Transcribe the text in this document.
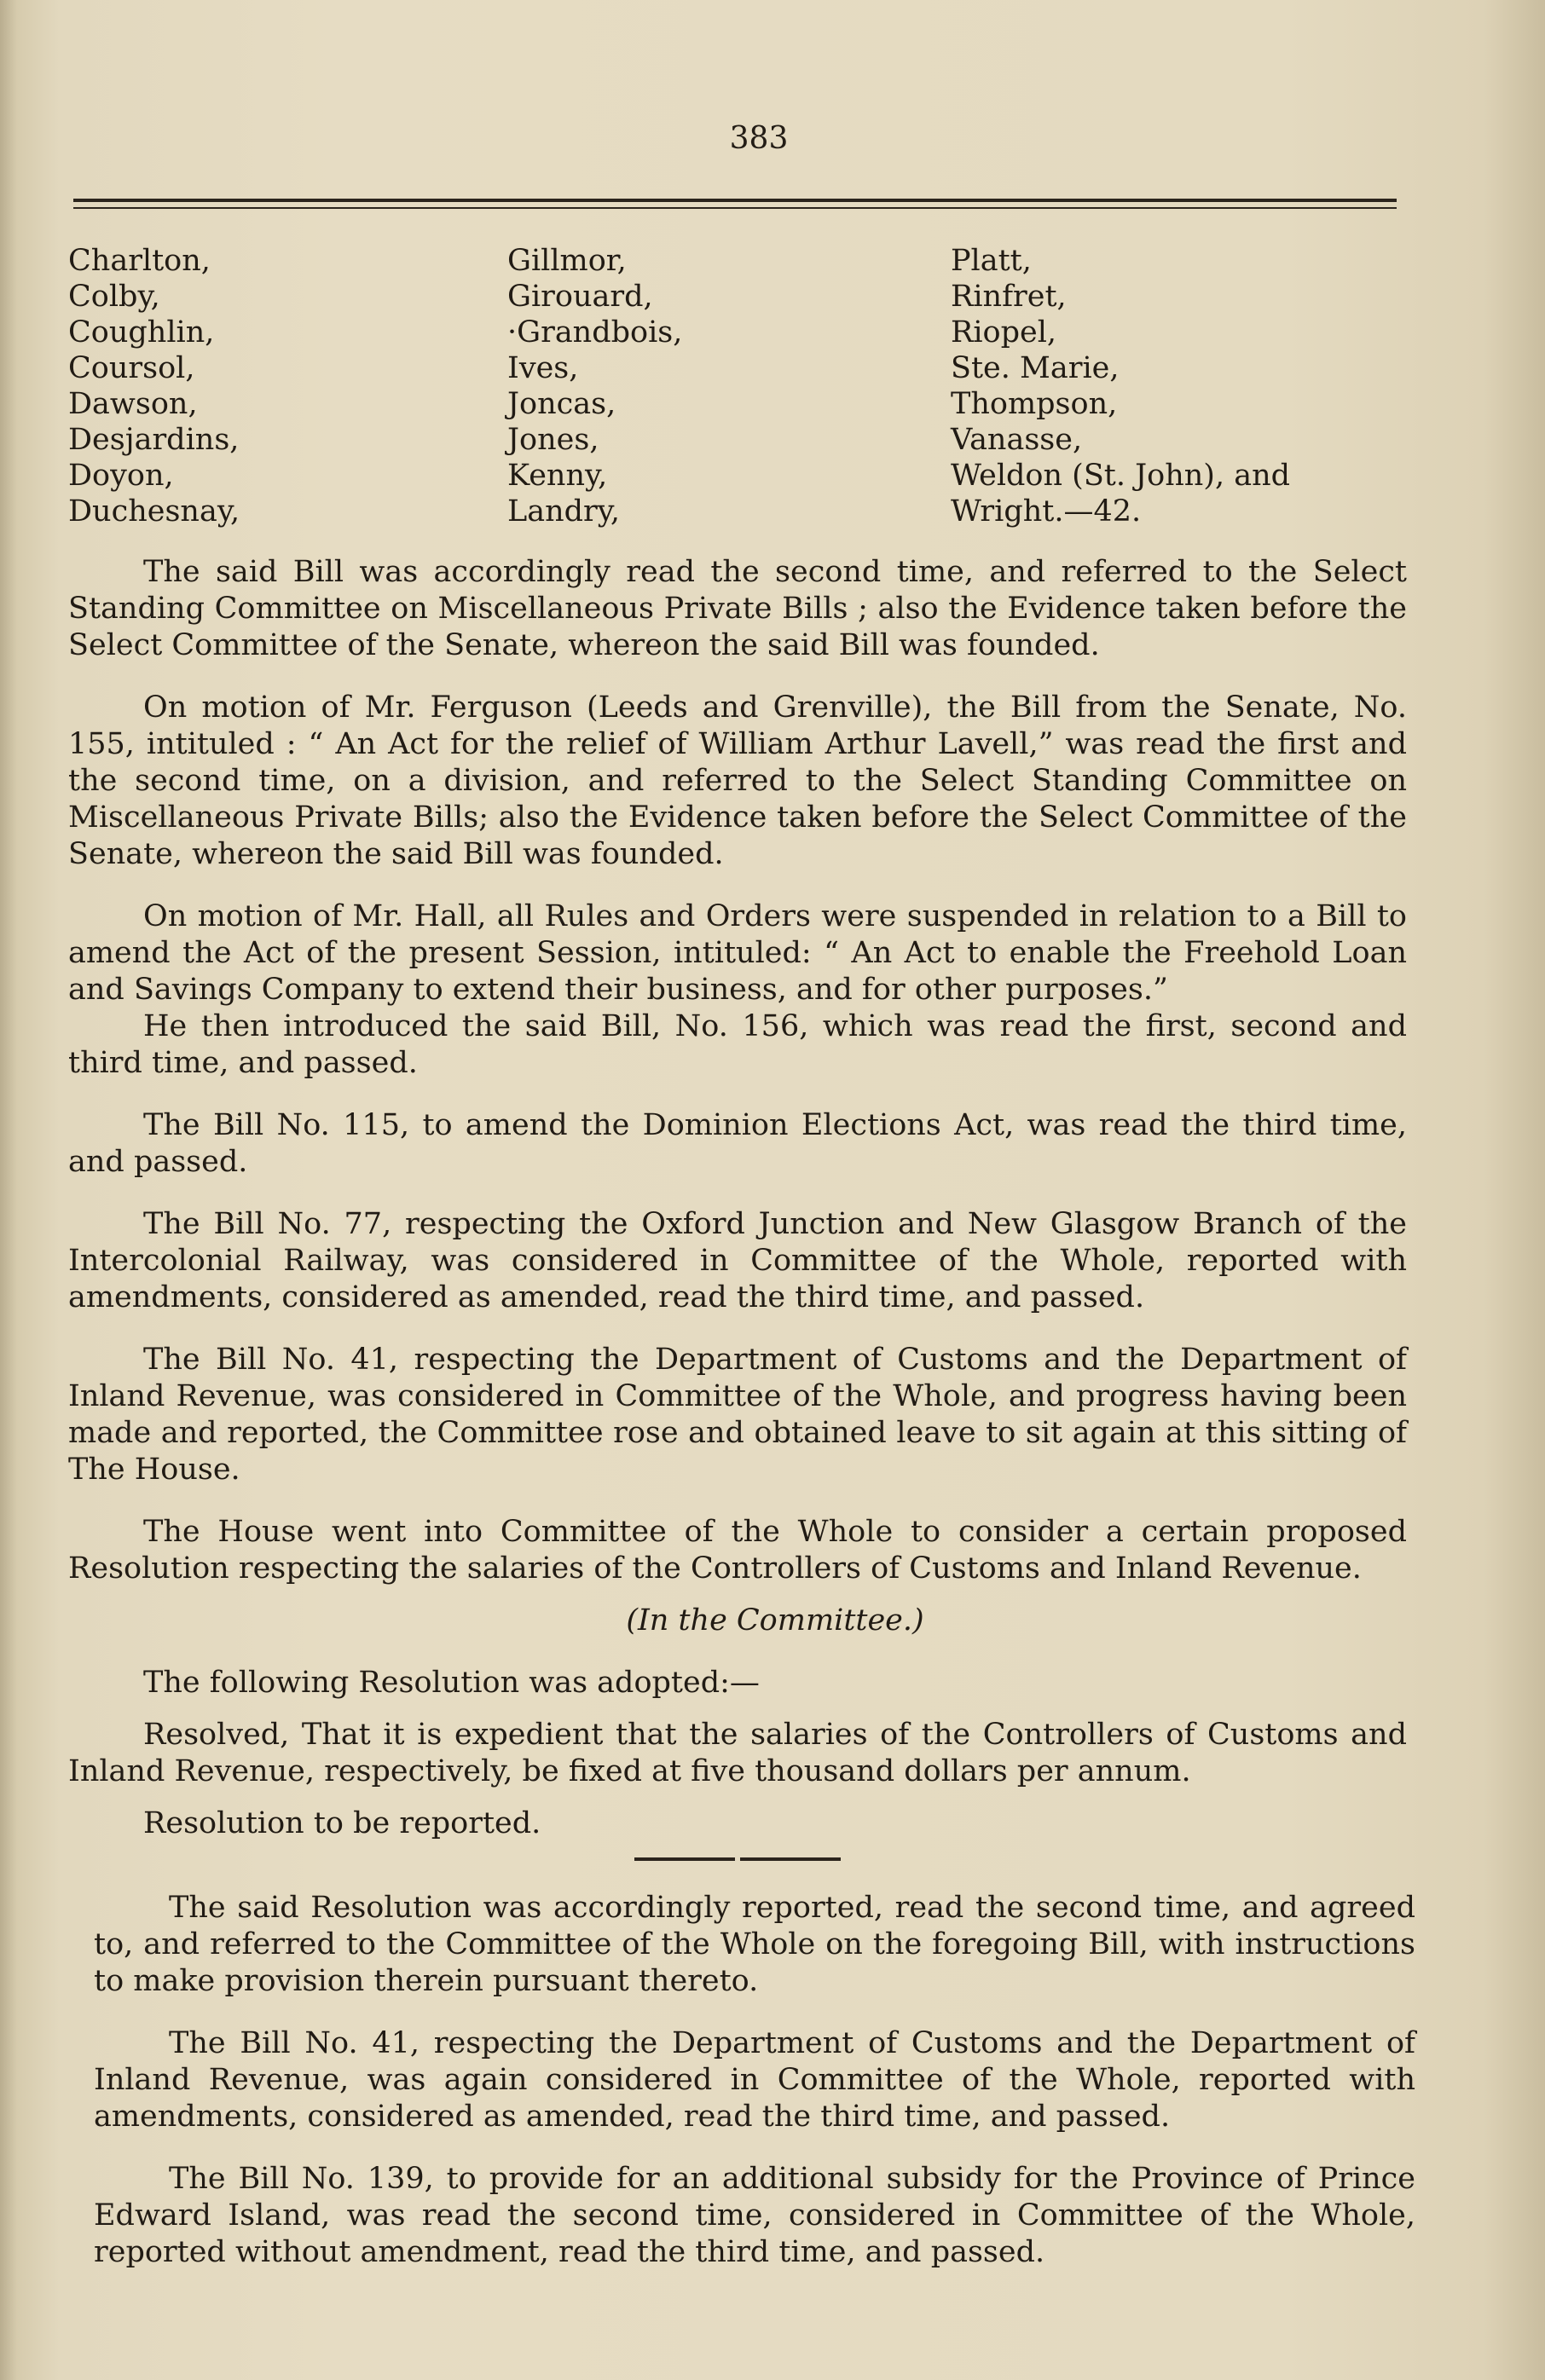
383
Charlton,
Colby,
Coughlin,
Coursol,
Dawson,
Desjardins,
Doyon,
Duchesnay,
Gillmor,
Girouard,
·Grandbois,
Ives,
Joncas,
Jones,
Kenny,
Landry,
Platt,
Rinfret,
Riopel,
Ste. Marie,
Thompson,
Vanasse,
Weldon (St. John), and
Wright.—42.

The said Bill was accordingly read the second time, and referred to the Select Standing Committee on Miscellaneous Private Bills ; also the Evidence taken before the Select Committee of the Senate, whereon the said Bill was founded.

On motion of Mr. Ferguson (Leeds and Grenville), the Bill from the Senate, No. 155, intituled : “ An Act for the relief of William Arthur Lavell,” was read the first and the second time, on a division, and referred to the Select Standing Committee on Miscellaneous Private Bills; also the Evidence taken before the Select Committee of the Senate, whereon the said Bill was founded.

On motion of Mr. Hall, all Rules and Orders were suspended in relation to a Bill to amend the Act of the present Session, intituled: “ An Act to enable the Freehold Loan and Savings Company to extend their business, and for other purposes.”

He then introduced the said Bill, No. 156, which was read the first, second and third time, and passed.

The Bill No. 115, to amend the Dominion Elections Act, was read the third time, and passed.

The Bill No. 77, respecting the Oxford Junction and New Glasgow Branch of the Intercolonial Railway, was considered in Committee of the Whole, reported with amendments, considered as amended, read the third time, and passed.

The Bill No. 41, respecting the Department of Customs and the Department of Inland Revenue, was considered in Committee of the Whole, and progress having been made and reported, the Committee rose and obtained leave to sit again at this sitting of The House.

The House went into Committee of the Whole to consider a certain proposed Resolution respecting the salaries of the Controllers of Customs and Inland Revenue.

(In the Committee.)

The following Resolution was adopted:—

Resolved, That it is expedient that the salaries of the Controllers of Customs and Inland Revenue, respectively, be fixed at five thousand dollars per annum.

Resolution to be reported.

The said Resolution was accordingly reported, read the second time, and agreed to, and referred to the Committee of the Whole on the foregoing Bill, with instructions to make provision therein pursuant thereto.

The Bill No. 41, respecting the Department of Customs and the Department of Inland Revenue, was again considered in Committee of the Whole, reported with amendments, considered as amended, read the third time, and passed.

The Bill No. 139, to provide for an additional subsidy for the Province of Prince Edward Island, was read the second time, considered in Committee of the Whole, reported without amendment, read the third time, and passed.
